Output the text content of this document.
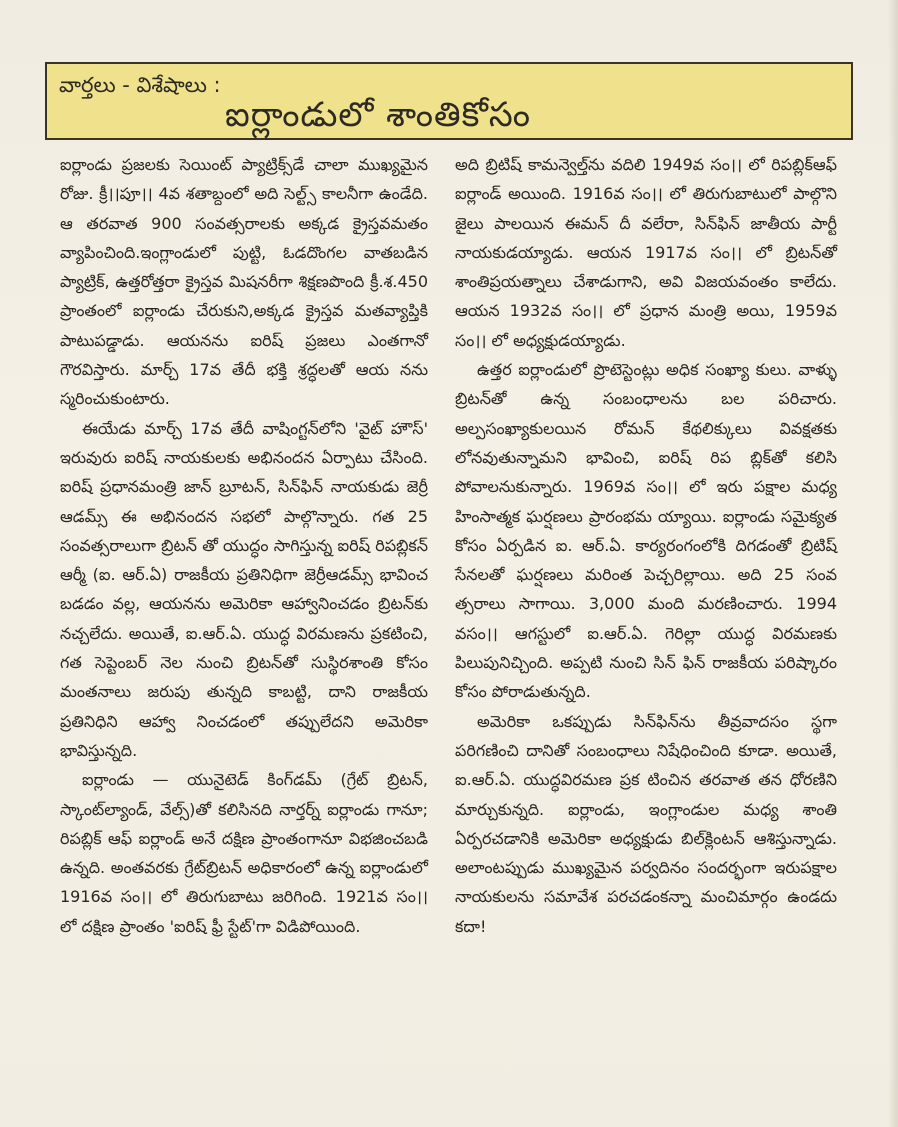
వార్తలు - విశేషాలు :
ఐర్లాండులో శాంతికోసం

ఐర్లాండు ప్రజలకు సెయింట్ ప్యాట్రిక్స్‌డే చాలా ముఖ్యమైన రోజు. క్రీ।।పూ।। 4వ శతాబ్దంలో అది సెల్ట్స్ కాలనీగా ఉండేది. ఆ తరవాత 900 సంవత్సరాలకు అక్కడ క్రైస్తవమతం వ్యాపించింది.ఇంగ్లాండులో పుట్టి, ఓడదొంగల వాతబడిన ప్యాట్రిక్, ఉత్తరోత్తరా క్రైస్తవ మిషనరీగా శిక్షణపొంది క్రీ.శ.450 ప్రాంతంలో ఐర్లాండు చేరుకుని,అక్కడ క్రైస్తవ మతవ్యాప్తికి పాటుపడ్డాడు. ఆయనను ఐరిష్ ప్రజలు ఎంతగానో గౌరవిస్తారు. మార్చ్ 17వ తేదీ భక్తి శ్రద్ధలతో ఆయ నను స్మరించుకుంటారు.

ఈయేడు మార్చ్ 17వ తేదీ వాషింగ్టన్‌లోని 'వైట్ హౌస్' ఇరువురు ఐరిష్ నాయకులకు అభినందన ఏర్పాటు చేసింది. ఐరిష్ ప్రధానమంత్రి జాన్ బ్రూటన్, సిన్‌ఫిన్ నాయకుడు జెర్రీ ఆడమ్స్ ఈ అభినందన సభలో పాల్గొన్నారు. గత 25 సంవత్సరాలుగా బ్రిటన్ తో యుద్ధం సాగిస్తున్న ఐరిష్ రిపబ్లికన్ ఆర్మీ (ఐ. ఆర్.ఏ) రాజకీయ ప్రతినిధిగా జెర్రీఆడమ్స్ భావించ బడడం వల్ల, ఆయనను అమెరికా ఆహ్వానించడం బ్రిటన్‌కు నచ్చలేదు. అయితే, ఐ.ఆర్.ఏ. యుద్ధ విరమణను ప్రకటించి, గత సెప్టెంబర్ నెల నుంచి బ్రిటన్‌తో సుస్థిరశాంతి కోసం మంతనాలు జరుపు తున్నది కాబట్టి, దాని రాజకీయ ప్రతినిధిని ఆహ్వా నించడంలో తప్పులేదని అమెరికా భావిస్తున్నది.

ఐర్లాండు — యునైటెడ్ కింగ్‌డమ్ (గ్రేట్ బ్రిటన్, స్కాంట్‌ల్యాండ్, వేల్స్)తో కలిసినది నార్తర్న్ ఐర్లాండు గానూ; రిపబ్లిక్ ఆఫ్ ఐర్లాండ్ అనే దక్షిణ ప్రాంతంగానూ విభజించబడి ఉన్నది. అంతవరకు గ్రేట్‌బ్రిటన్ అధికారంలో ఉన్న ఐర్లాండులో 1916వ సం।। లో తిరుగుబాటు జరిగింది. 1921వ సం।। లో దక్షిణ ప్రాంతం 'ఐరిష్ ఫ్రీ స్టేట్'గా విడిపోయింది.

అది బ్రిటిష్ కామన్వెల్త్‌ను వదిలి 1949వ సం।। లో రిపబ్లిక్‌ఆఫ్ ఐర్లాండ్ అయింది. 1916వ సం।। లో తిరుగుబాటులో పాల్గొని జైలు పాలయిన ఈమన్ దీ వలేరా, సిన్‌ఫిన్ జాతీయ పార్టీ నాయకుడయ్యాడు. ఆయన 1917వ సం।। లో బ్రిటన్‌తో శాంతిప్రయత్నాలు చేశాడుగాని, అవి విజయవంతం కాలేదు. ఆయన 1932వ సం।। లో ప్రధాన మంత్రి అయి, 1959వ సం।। లో అధ్యక్షుడయ్యాడు.

ఉత్తర ఐర్లాండులో ప్రొటెస్టెంట్లు అధిక సంఖ్యా కులు. వాళ్ళు బ్రిటన్‌తో ఉన్న సంబంధాలను బల పరిచారు. అల్పసంఖ్యాకులయిన రోమన్ కేథలిక్కులు వివక్షతకు లోనవుతున్నామని భావించి, ఐరిష్ రిప బ్లిక్‌తో కలిసి పోవాలనుకున్నారు. 1969వ సం।। లో ఇరు పక్షాల మధ్య హింసాత్మక ఘర్షణలు ప్రారంభమ య్యాయి. ఐర్లాండు సమైక్యత కోసం ఏర్పడిన ఐ. ఆర్.ఏ. కార్యరంగంలోకి దిగడంతో బ్రిటిష్ సేనలతో ఘర్షణలు మరింత పెచ్చరిల్లాయి. అది 25 సంవ త్సరాలు సాగాయి. 3,000 మంది మరణించారు. 1994 వసం।। ఆగస్టులో ఐ.ఆర్.ఏ. గెరిల్లా యుద్ధ విరమణకు పిలుపునిచ్చింది. అప్పటి నుంచి సిన్ ఫిన్ రాజకీయ పరిష్కారం కోసం పోరాడుతున్నది.

అమెరికా ఒకప్పుడు సిన్‌ఫిన్‌ను తీవ్రవాదసం స్థగా పరిగణించి దానితో సంబంధాలు నిషేధించింది కూడా. అయితే, ఐ.ఆర్.ఏ. యుద్ధవిరమణ ప్రక టించిన తరవాత తన ధోరణిని మార్చుకున్నది. ఐర్లాండు, ఇంగ్లాండుల మధ్య శాంతి ఏర్పరచడానికి అమెరికా అధ్యక్షుడు బిల్‌క్లింటన్ ఆశిస్తున్నాడు. అలాంటప్పుడు ముఖ్యమైన పర్వదినం సందర్భంగా ఇరుపక్షాల నాయకులను సమావేశ పరచడంకన్నా మంచిమార్గం ఉండదు కదా!
